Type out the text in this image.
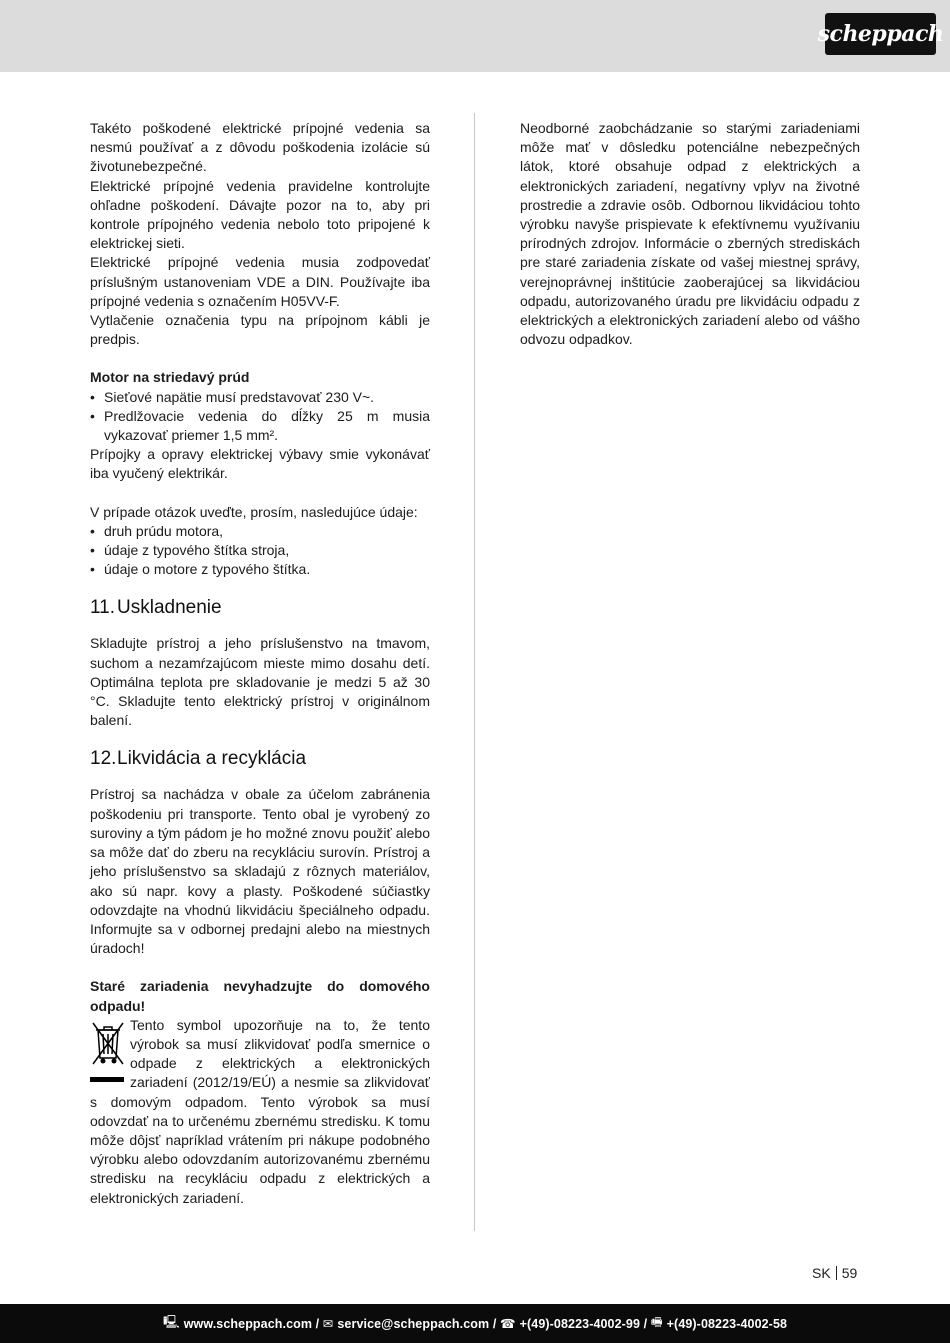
scheppach

Takéto poškodené elektrické prípojné vedenia sa nesmú používať a z dôvodu poškodenia izolácie sú životunebezpečné.

Elektrické prípojné vedenia pravidelne kontrolujte ohľadne poškodení. Dávajte pozor na to, aby pri kontrole prípojného vedenia nebolo toto pripojené k elektrickej sieti.

Elektrické prípojné vedenia musia zodpovedať príslušným ustanoveniam VDE a DIN. Používajte iba prípojné vedenia s označením H05VV-F.

Vytlačenie označenia typu na prípojnom kábli je predpis.

Motor na striedavý prúd

• Sieťové napätie musí predstavovať 230 V~.
• Predlžovacie vedenia do dĺžky 25 m musia vykazovať priemer 1,5 mm².

Prípojky a opravy elektrickej výbavy smie vykonávať iba vyučený elektrikár.

V prípade otázok uveďte, prosím, nasledujúce údaje:

• druh prúdu motora,
• údaje z typového štítka stroja,
• údaje o motore z typového štítka.
11. Uskladnenie

Skladujte prístroj a jeho príslušenstvo na tmavom, suchom a nezamŕzajúcom mieste mimo dosahu detí. Optimálna teplota pre skladovanie je medzi 5 až 30 °C. Skladujte tento elektrický prístroj v originálnom balení.

12.Likvidácia a recyklácia

Prístroj sa nachádza v obale za účelom zabránenia poškodeniu pri transporte. Tento obal je vyrobený zo suroviny a tým pádom je ho možné znovu použiť alebo sa môže dať do zberu na recykláciu surovín. Prístroj a jeho príslušenstvo sa skladajú z rôznych materiálov, ako sú napr. kovy a plasty. Poškodené súčiastky odovzdajte na vhodnú likvidáciu špeciálneho odpadu. Informujte sa v odbornej predajni alebo na miestnych úradoch!

Staré zariadenia nevyhadzujte do domového odpadu!

Tento symbol upozorňuje na to, že tento výrobok sa musí zlikvidovať podľa smernice o odpade z elektrických a elektronických zariadení (2012/19/EÚ) a nesmie sa zlikvidovať s domovým odpadom. Tento výrobok sa musí odovzdať na to určenému zbernému stredisku. K tomu môže dôjsť napríklad vrátením pri nákupe podobného výrobku alebo odovzdaním autorizovanému zbernému stredisku na recykláciu odpadu z elektrických a elektronických zariadení.

Neodborné zaobchádzanie so starými zariadeniami môže mať v dôsledku potenciálne nebezpečných látok, ktoré obsahuje odpad z elektrických a elektronických zariadení, negatívny vplyv na životné prostredie a zdravie osôb. Odbornou likvidáciou tohto výrobku navyše prispievate k efektívnemu využívaniu prírodných zdrojov. Informácie o zberných strediskách pre staré zariadenia získate od vašej miestnej správy, verejnoprávnej inštitúcie zaoberajúcej sa likvidáciou odpadu, autorizovaného úradu pre likvidáciu odpadu z elektrických a elektronických zariadení alebo od vášho odvozu odpadkov.

SK 59
🖳 www.scheppach.com / ✉ service@scheppach.com / ☎ +(49)-08223-4002-99 / 🖷 +(49)-08223-4002-58
